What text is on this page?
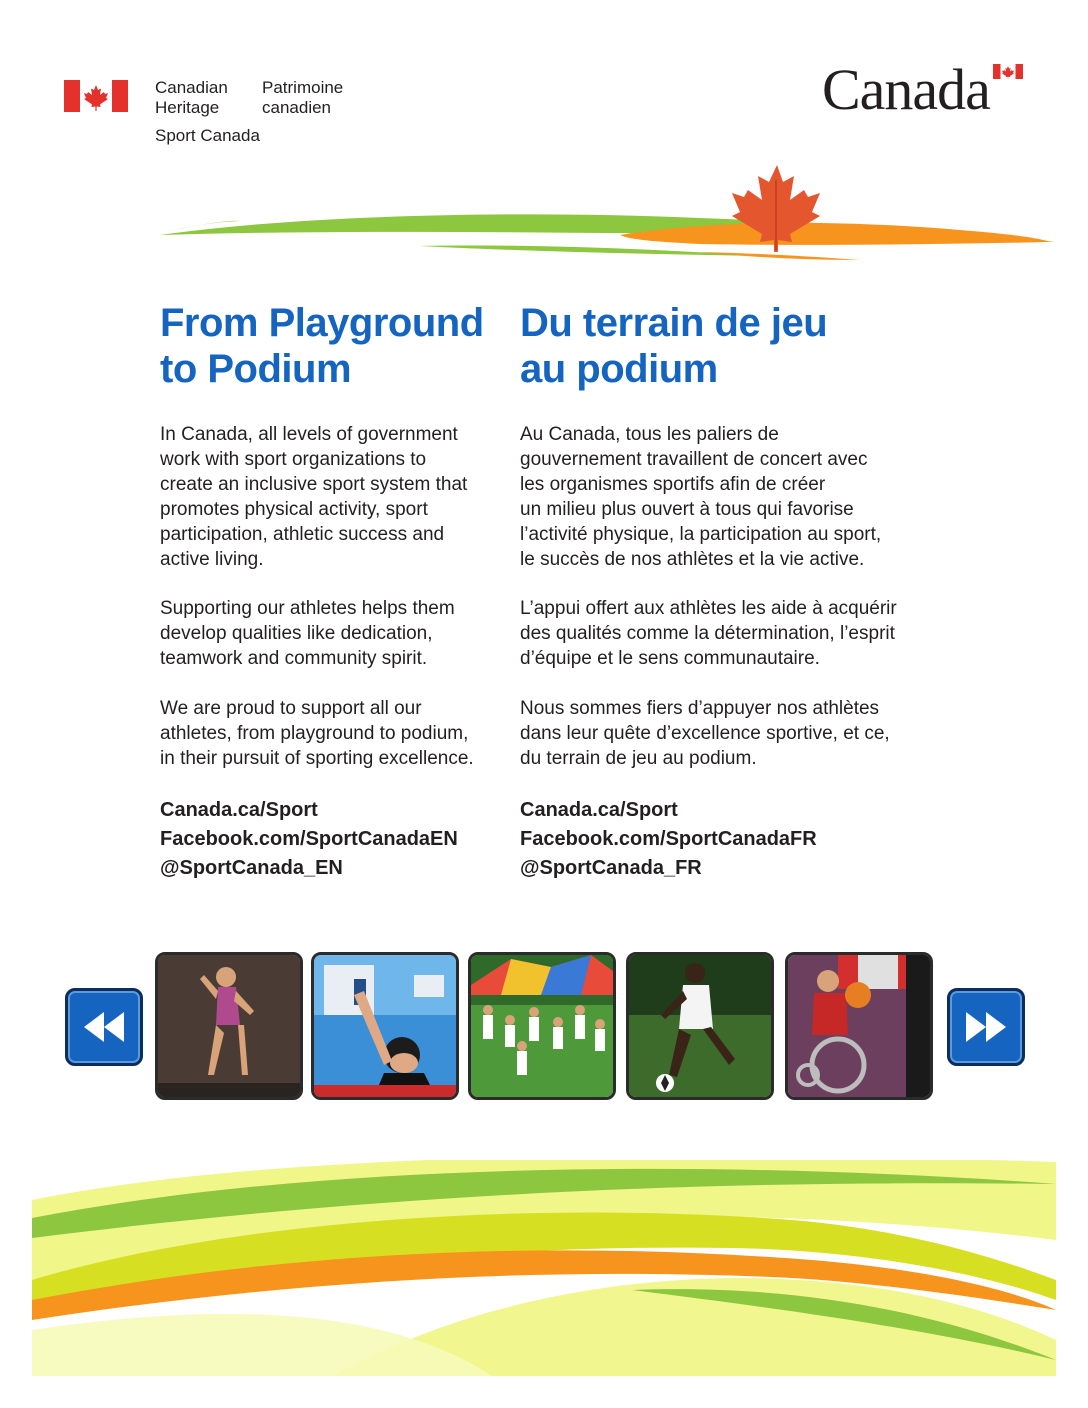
Canadian
Heritage
Patrimoine
canadien
Sport Canada
Canada
From Playground
to Podium
In Canada, all levels of government
work with sport organizations to
create an inclusive sport system that
promotes physical activity, sport
participation, athletic success and
active living.
Supporting our athletes helps them
develop qualities like dedication,
teamwork and community spirit.
We are proud to support all our
athletes, from playground to podium,
in their pursuit of sporting excellence.
Canada.ca/Sport
Facebook.com/SportCanadaEN
@SportCanada_EN
Du terrain de jeu
au podium
Au Canada, tous les paliers de
gouvernement travaillent de concert avec
les organismes sportifs afin de créer
un milieu plus ouvert à tous qui favorise
l’activité physique, la participation au sport,
le succès de nos athlètes et la vie active.
L’appui offert aux athlètes les aide à acquérir
des qualités comme la détermination, l’esprit
d’équipe et le sens communautaire.
Nous sommes fiers d’appuyer nos athlètes
dans leur quête d’excellence sportive, et ce,
du terrain de jeu au podium.
Canada.ca/Sport
Facebook.com/SportCanadaFR
@SportCanada_FR
